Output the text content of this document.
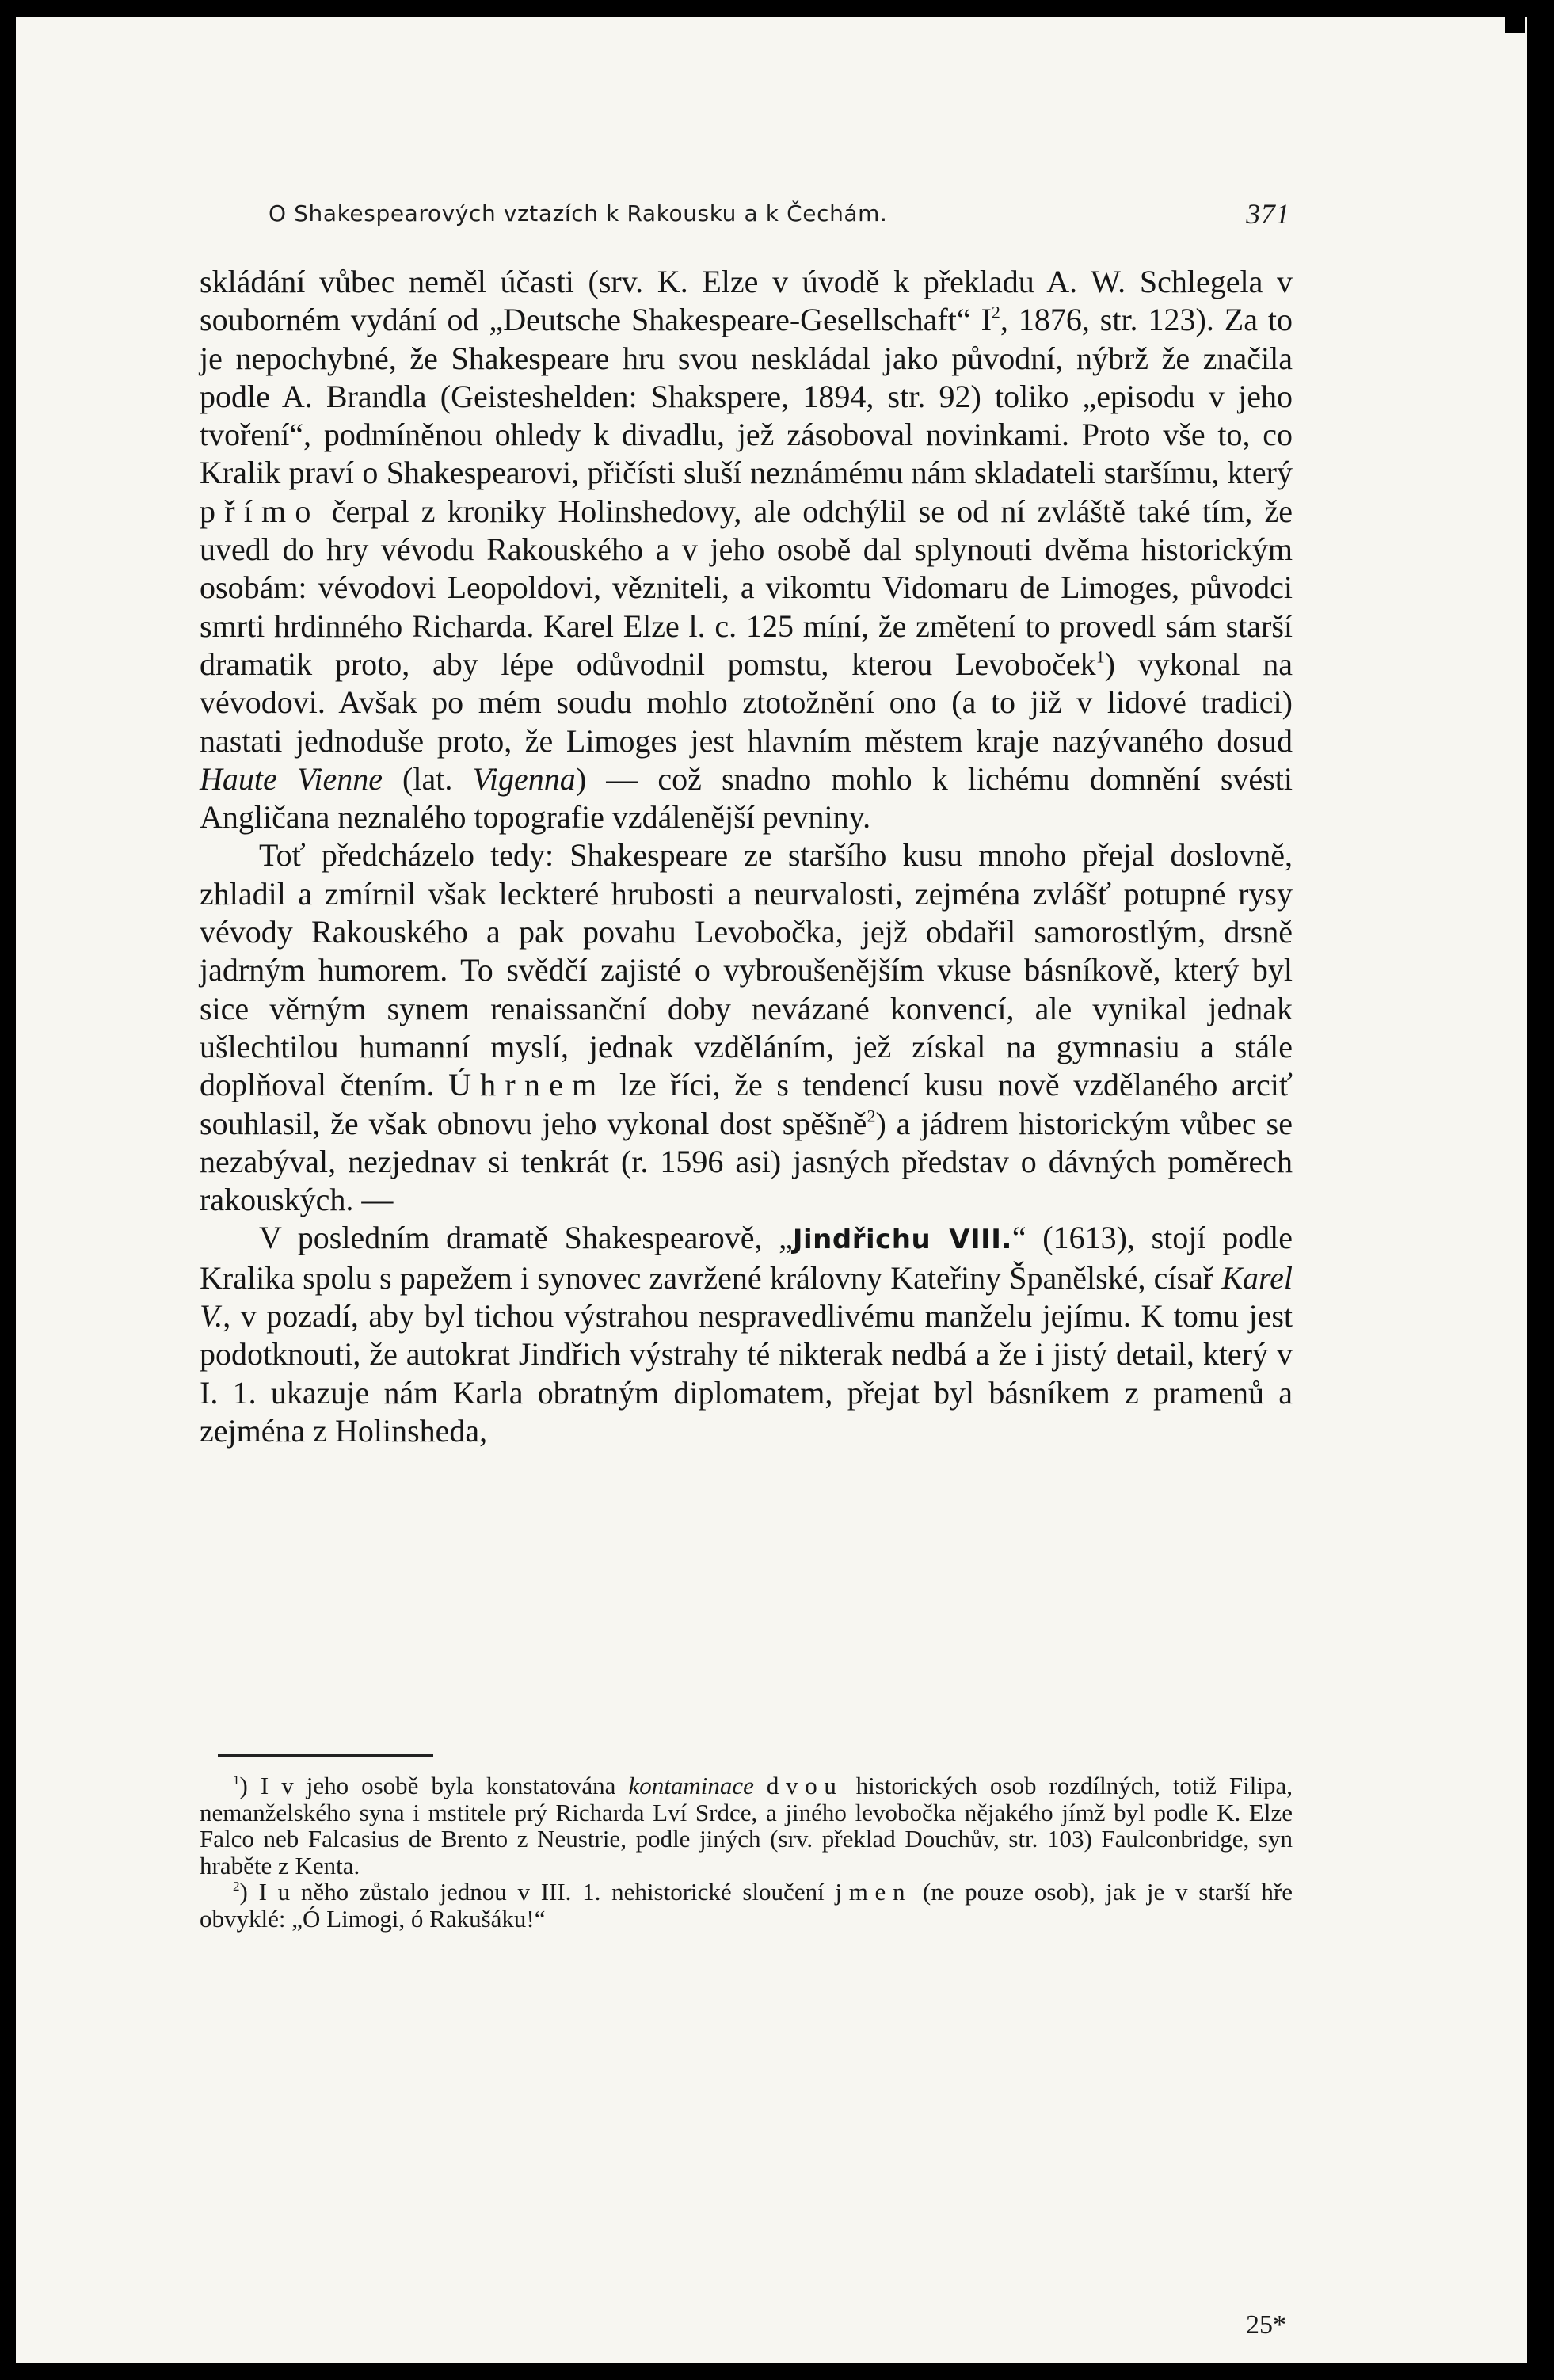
O Shakespearových vztazích k Rakousku a k Čechám.	371

skládání vůbec neměl účasti (srv. K. Elze v úvodě k překladu A. W. Schlegela v souborném vydání od „Deutsche Shakespeare-Gesellschaft“ $I^2$, 1876, str. 123). Za to je nepochybné, že Shakespeare hru svou neskládal jako původní, nýbrž že značila podle A. Brandla (Geisteshelden: Shakspere, 1894, str. 92) toliko „episodu v jeho tvoření“, podmíněnou ohledy k divadlu, jež zásoboval novinkami. Proto vše to, co Kralik praví o Shakespearovi, přičísti sluší neznámému nám skladateli staršímu, který přímo čerpal z kroniky Holinshedovy, ale odchýlil se od ní zvláště také tím, že uvedl do hry vévodu Rakouského a v jeho osobě dal splynouti dvěma historickým osobám: vévodovi Leopoldovi, vězniteli, a vikomtu Vidomaru de Limoges, původci smrti hrdinného Richarda. Karel Elze l. c. 125 míní, že změtení to provedl sám starší dramatik proto, aby lépe odůvodnil pomstu, kterou Levoboček$^1$) vykonal na vévodovi. Avšak po mém soudu mohlo ztotožnění ono (a to již v lidové tradici) nastati jednoduše proto, že Limoges jest hlavním městem kraje nazývaného dosud Haute Vienne (lat. Vigenna) — což snadno mohlo k lichému domnění svésti Angličana neznalého topografie vzdálenější pevniny.

Toť předcházelo tedy: Shakespeare ze staršího kusu mnoho přejal doslovně, zhladil a zmírnil však leckteré hrubosti a neurvalosti, zejména zvlášť potupné rysy vévody Rakouského a pak povahu Levobočka, jejž obdařil samorostlým, drsně jadrným humorem. To svědčí zajisté o vybroušenějším vkuse básníkově, který byl sice věrným synem renaissanční doby nevázané konvencí, ale vynikal jednak ušlechtilou humanní myslí, jednak vzděláním, jež získal na gymnasiu a stále doplňoval čtením. Úhrnem lze říci, že s tendencí kusu nově vzdělaného arciť souhlasil, že však obnovu jeho vykonal dost spěšně$^2$) a jádrem historickým vůbec se nezabýval, nezjednav si tenkrát (r. 1596 asi) jasných představ o dávných poměrech rakouských. —

V posledním dramatě Shakespearově, „Jindřichu VIII.“ (1613), stojí podle Kralika spolu s papežem i synovec zavržené královny Kateřiny Španělské, císař Karel V., v pozadí, aby byl tichou výstrahou nespravedlivému manželu jejímu. K tomu jest podotknouti, že autokrat Jindřich výstrahy té nikterak nedbá a že i jistý detail, který v I. 1. ukazuje nám Karla obratným diplomatem, přejat byl básníkem z pramenů a zejména z Holinsheda,

$^1$) I v jeho osobě byla konstatována kontaminace dvou historických osob rozdílných, totiž Filipa, nemanželského syna i mstitele prý Richarda Lví Srdce, a jiného levobočka nějakého jímž byl podle K. Elze Falco neb Falcasius de Brento z Neustrie, podle jiných (srv. překlad Douchův, str. 103) Faulconbridge, syn hraběte z Kenta.

$^2$) I u něho zůstalo jednou v III. 1. nehistorické sloučení jmen (ne pouze osob), jak je v starší hře obvyklé: „Ó Limogi, ó Rakušáku!“

25*
